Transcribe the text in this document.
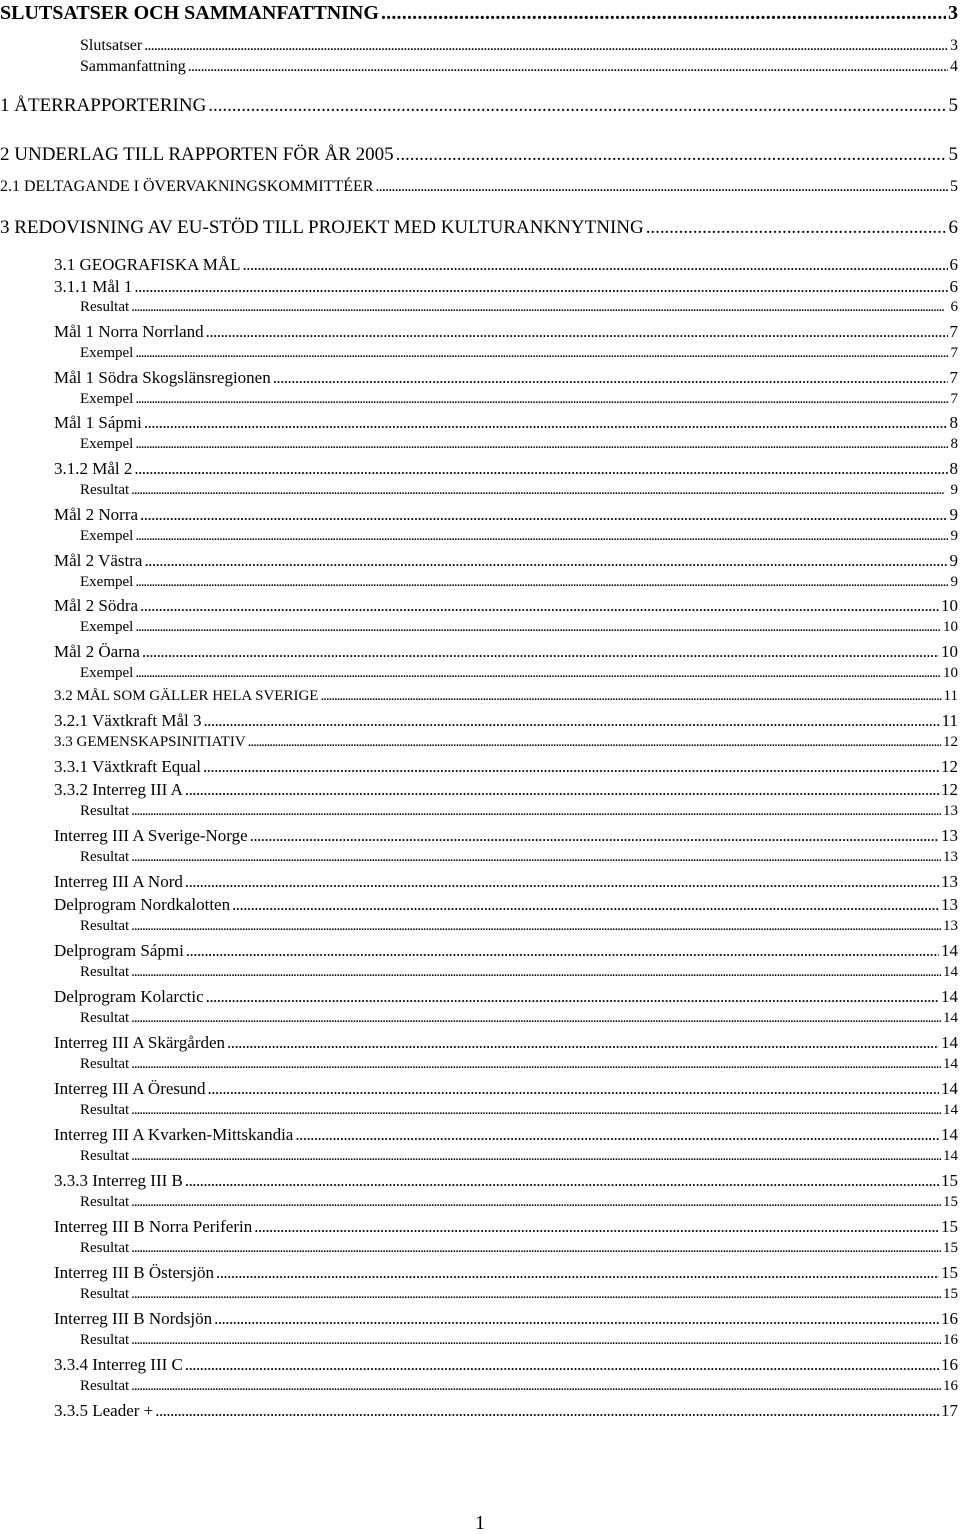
SLUTSATSER OCH SAMMANFATTNING . . .	3
Slutsatser . . .	3
Sammanfattning . . .	4
1 ÅTERRAPPORTERING . . .	5
2 UNDERLAG TILL RAPPORTEN FÖR ÅR 2005 . . .	5
2.1 DELTAGANDE I ÖVERVAKNINGSKOMMITTÉER . . .	5
3 REDOVISNING AV EU-STÖD TILL PROJEKT MED KULTURANKNYTNING . . .	6
3.1 GEOGRAFISKA MÅL . . .	6
3.1.1 Mål 1 . . .	6
Resultat . . .	6
Mål 1 Norra Norrland . . .	7
Exempel . . .	7
Mål 1 Södra Skogslänsregionen . . .	7
Exempel . . .	7
Mål 1 Sápmi . . .	8
Exempel . . .	8
3.1.2 Mål 2 . . .	8
Resultat . . .	9
Mål 2 Norra . . .	9
Exempel . . .	9
Mål 2 Västra . . .	9
Exempel . . .	9
Mål 2 Södra . . .	10
Exempel . . .	10
Mål 2 Öarna . . .	10
Exempel . . .	10
3.2 MÅL SOM GÄLLER HELA SVERIGE . . .	11
3.2.1 Växtkraft Mål 3 . . .	11
3.3 GEMENSKAPSINITIATIV . . .	12
3.3.1 Växtkraft Equal . . .	12
3.3.2 Interreg III A . . .	12
Resultat . . .	13
Interreg III A Sverige-Norge . . .	13
Resultat . . .	13
Interreg III A Nord . . .	13
Delprogram Nordkalotten . . .	13
Resultat . . .	13
Delprogram Sápmi . . .	14
Resultat . . .	14
Delprogram Kolarctic . . .	14
Resultat . . .	14
Interreg III A Skärgården . . .	14
Resultat . . .	14
Interreg III A Öresund . . .	14
Resultat . . .	14
Interreg III A Kvarken-Mittskandia . . .	14
Resultat . . .	14
3.3.3 Interreg III B . . .	15
Resultat . . .	15
Interreg III B Norra Periferin . . .	15
Resultat . . .	15
Interreg III B Östersjön . . .	15
Resultat . . .	15
Interreg III B Nordsjön . . .	16
Resultat . . .	16
3.3.4 Interreg III C . . .	16
Resultat . . .	16
3.3.5 Leader + . . .	17
1
